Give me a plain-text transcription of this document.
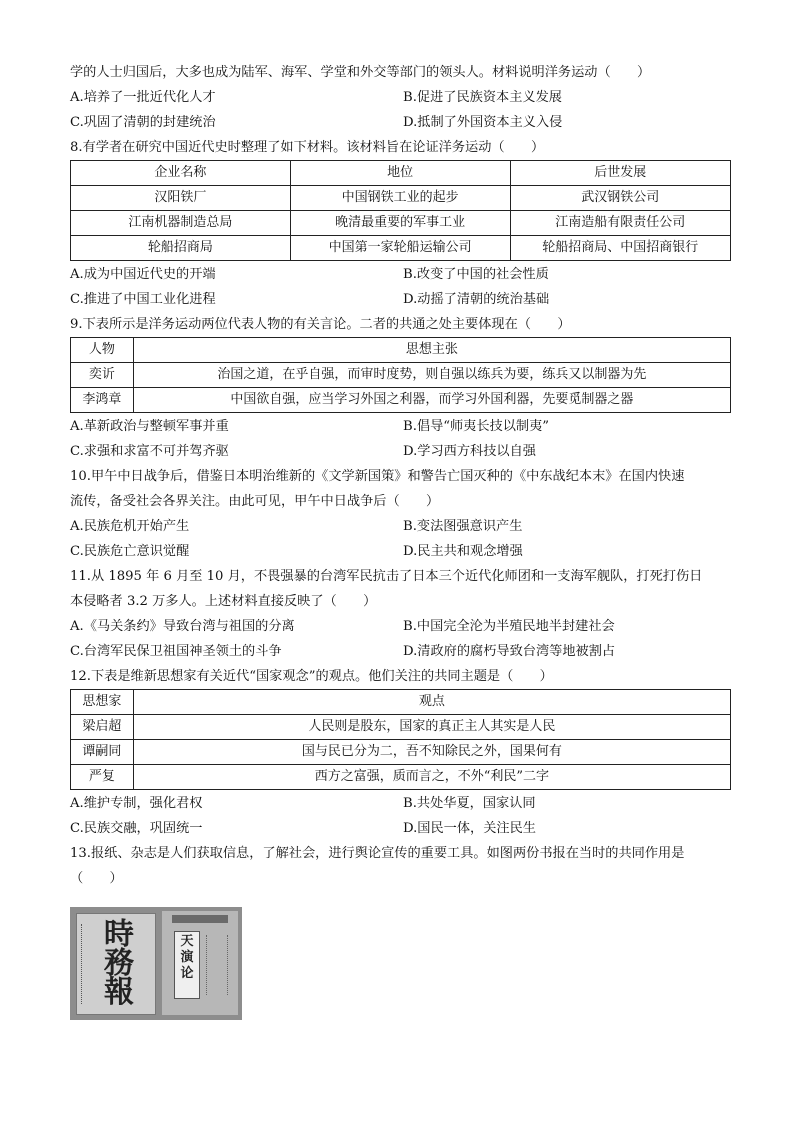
学的人士归国后，大多也成为陆军、海军、学堂和外交等部门的领头人。材料说明洋务运动（　　）
A.培养了一批近代化人才	B.促进了民族资本主义发展
C.巩固了清朝的封建统治	D.抵制了外国资本主义入侵
8.有学者在研究中国近代史时整理了如下材料。该材料旨在论证洋务运动（　　）
企业名称	地位	后世发展
汉阳铁厂	中国钢铁工业的起步	武汉钢铁公司
江南机器制造总局	晚清最重要的军事工业	江南造船有限责任公司
轮船招商局	中国第一家轮船运输公司	轮船招商局、中国招商银行
A.成为中国近代史的开端	B.改变了中国的社会性质
C.推进了中国工业化进程	D.动摇了清朝的统治基础
9.下表所示是洋务运动两位代表人物的有关言论。二者的共通之处主要体现在（　　）
人物	思想主张
奕䜣	治国之道，在乎自强，而审时度势，则自强以练兵为要，练兵又以制器为先
李鸿章	中国欲自强，应当学习外国之利器，而学习外国利器，先要觅制器之器
A.革新政治与整顿军事并重	B.倡导“师夷长技以制夷”
C.求强和求富不可并驾齐驱	D.学习西方科技以自强
10.甲午中日战争后，借鉴日本明治维新的《文学新国策》和警告亡国灭种的《中东战纪本末》在国内快速
流传，备受社会各界关注。由此可见，甲午中日战争后（　　）
A.民族危机开始产生	B.变法图强意识产生
C.民族危亡意识觉醒	D.民主共和观念增强
11.从 1895 年 6 月至 10 月，不畏强暴的台湾军民抗击了日本三个近代化师团和一支海军舰队，打死打伤日
本侵略者 3.2 万多人。上述材料直接反映了（　　）
A.《马关条约》导致台湾与祖国的分离	B.中国完全沦为半殖民地半封建社会
C.台湾军民保卫祖国神圣领土的斗争	D.清政府的腐朽导致台湾等地被割占
12.下表是维新思想家有关近代“国家观念”的观点。他们关注的共同主题是（　　）
思想家	观点
梁启超	人民则是股东，国家的真正主人其实是人民
谭嗣同	国与民已分为二，吾不知除民之外，国果何有
严复	西方之富强，质而言之，不外“利民”二字
A.维护专制，强化君权	B.共处华夏，国家认同
C.民族交融，巩固统一	D.国民一体，关注民生
13.报纸、杂志是人们获取信息，了解社会，进行舆论宣传的重要工具。如图两份书报在当时的共同作用是
（　　）
時
務
報
天
演
论
